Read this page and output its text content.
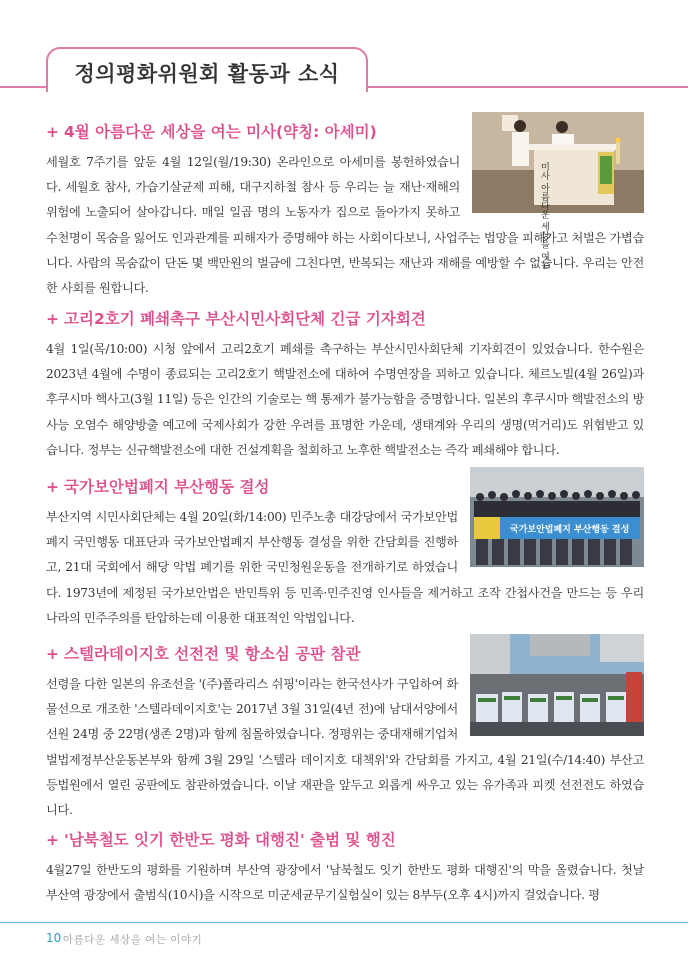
정의평화위원회 활동과 소식
+ 4월 아름다운 세상을 여는 미사(약칭: 아세미)
미사 아름다운 세상을 여는
세월호 7주기를 앞둔 4월 12일(월/19:30) 온라인으로 아세미를 봉헌하였습니다. 세월호 참사, 가습기살균제 피해, 대구지하철 참사 등 우리는 늘 재난·재해의 위험에 노출되어 살아갑니다. 매일 일곱 명의 노동자가 집으로 돌아가지 못하고 수천명이 목숨을 잃어도 인과관계를 피해자가 증명해야 하는 사회이다보니, 사업주는 법망을 피해가고 처벌은 가볍습니다. 사람의 목숨값이 단돈 몇 백만원의 벌금에 그친다면, 반복되는 재난과 재해를 예방할 수 없습니다. 우리는 안전한 사회를 원합니다.
+ 고리2호기 폐쇄촉구 부산시민사회단체 긴급 기자회견
4월 1일(목/10:00) 시청 앞에서 고리2호기 폐쇄를 촉구하는 부산시민사회단체 기자회견이 있었습니다. 한수원은 2023년 4월에 수명이 종료되는 고리2호기 핵발전소에 대하여 수명연장을 꾀하고 있습니다. 체르노빌(4월 26일)과 후쿠시마 핵사고(3월 11일) 등은 인간의 기술로는 핵 통제가 불가능함을 증명합니다. 일본의 후쿠시마 핵발전소의 방사능 오염수 해양방출 예고에 국제사회가 강한 우려를 표명한 가운데, 생태계와 우리의 생명(먹거리)도 위협받고 있습니다. 정부는 신규핵발전소에 대한 건설계획을 철회하고 노후한 핵발전소는 즉각 폐쇄해야 합니다.
+ 국가보안법폐지 부산행동 결성
국가보안법폐지 부산행동 결성
부산지역 시민사회단체는 4월 20일(화/14:00) 민주노총 대강당에서 국가보안법폐지 국민행동 대표단과 국가보안법폐지 부산행동 결성을 위한 간담회를 진행하고, 21대 국회에서 해당 악법 폐기를 위한 국민청원운동을 전개하기로 하였습니다. 1973년에 제정된 국가보안법은 반민특위 등 민족·민주진영 인사들을 제거하고 조작 간첩사건을 만드는 등 우리나라의 민주주의를 탄압하는데 이용한 대표적인 악법입니다.
+ 스텔라데이지호 선전전 및 항소심 공판 참관
선령을 다한 일본의 유조선을 '(주)폴라리스 쉬핑'이라는 한국선사가 구입하여 화물선으로 개조한 '스텔라데이지호'는 2017년 3월 31일(4년 전)에 남대서양에서 선원 24명 중 22명(생존 2명)과 함께 침몰하였습니다. 정평위는 중대재해기업처벌법제정부산운동본부와 함께 3월 29일 '스텔라 데이지호 대책위'와 간담회를 가지고, 4월 21일(수/14:40) 부산고등법원에서 열린 공판에도 참관하였습니다. 이날 재판을 앞두고 외롭게 싸우고 있는 유가족과 피켓 선전전도 하였습니다.
+ '남북철도 잇기 한반도 평화 대행진' 출범 및 행진
4월27일 한반도의 평화를 기원하며 부산역 광장에서 '남북철도 잇기 한반도 평화 대행진'의 막을 올렸습니다. 첫날 부산역 광장에서 출범식(10시)을 시작으로 미군세균무기실험실이 있는 8부두(오후 4시)까지 걸었습니다. 평
10 아름다운 세상을 여는 이야기
